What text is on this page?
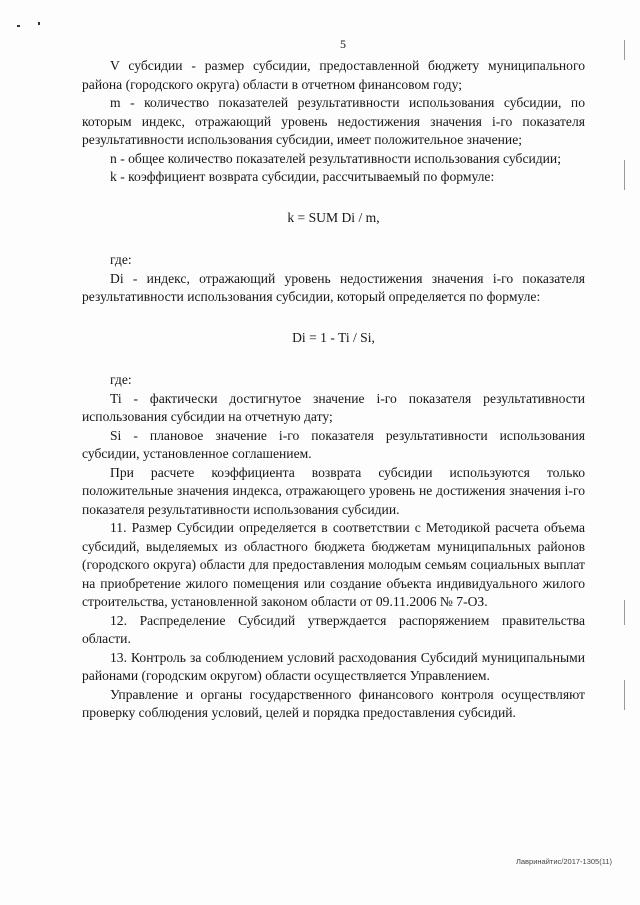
5

V субсидии - размер субсидии, предоставленной бюджету муниципального района (городского округа) области в отчетном финансовом году;

m - количество показателей результативности использования субсидии, по которым индекс, отражающий уровень недостижения значения i-го показателя результативности использования субсидии, имеет положительное значение;

n - общее количество показателей результативности использования субсидии;

k - коэффициент возврата субсидии, рассчитываемый по формуле:

k = SUM Di / m,

где:

Di - индекс, отражающий уровень недостижения значения i-го показателя результативности использования субсидии, который определяется по формуле:

Di = 1 - Ti / Si,

где:

Ti - фактически достигнутое значение i-го показателя результативности использования субсидии на отчетную дату;

Si - плановое значение i-го показателя результативности использования субсидии, установленное соглашением.

При расчете коэффициента возврата субсидии используются только положительные значения индекса, отражающего уровень не достижения значения i-го показателя результативности использования субсидии.

11. Размер Субсидии определяется в соответствии с Методикой расчета объема субсидий, выделяемых из областного бюджета бюджетам муниципальных районов (городского округа) области для предоставления молодым семьям социальных выплат на приобретение жилого помещения или создание объекта индивидуального жилого строительства, установленной законом области от 09.11.2006 № 7-ОЗ.

12. Распределение Субсидий утверждается распоряжением правительства области.

13. Контроль за соблюдением условий расходования Субсидий муниципальными районами (городским округом) области осуществляется Управлением.

Управление и органы государственного финансового контроля осуществляют проверку соблюдения условий, целей и порядка предоставления субсидий.

Лавринайтис/2017-1305(11)
